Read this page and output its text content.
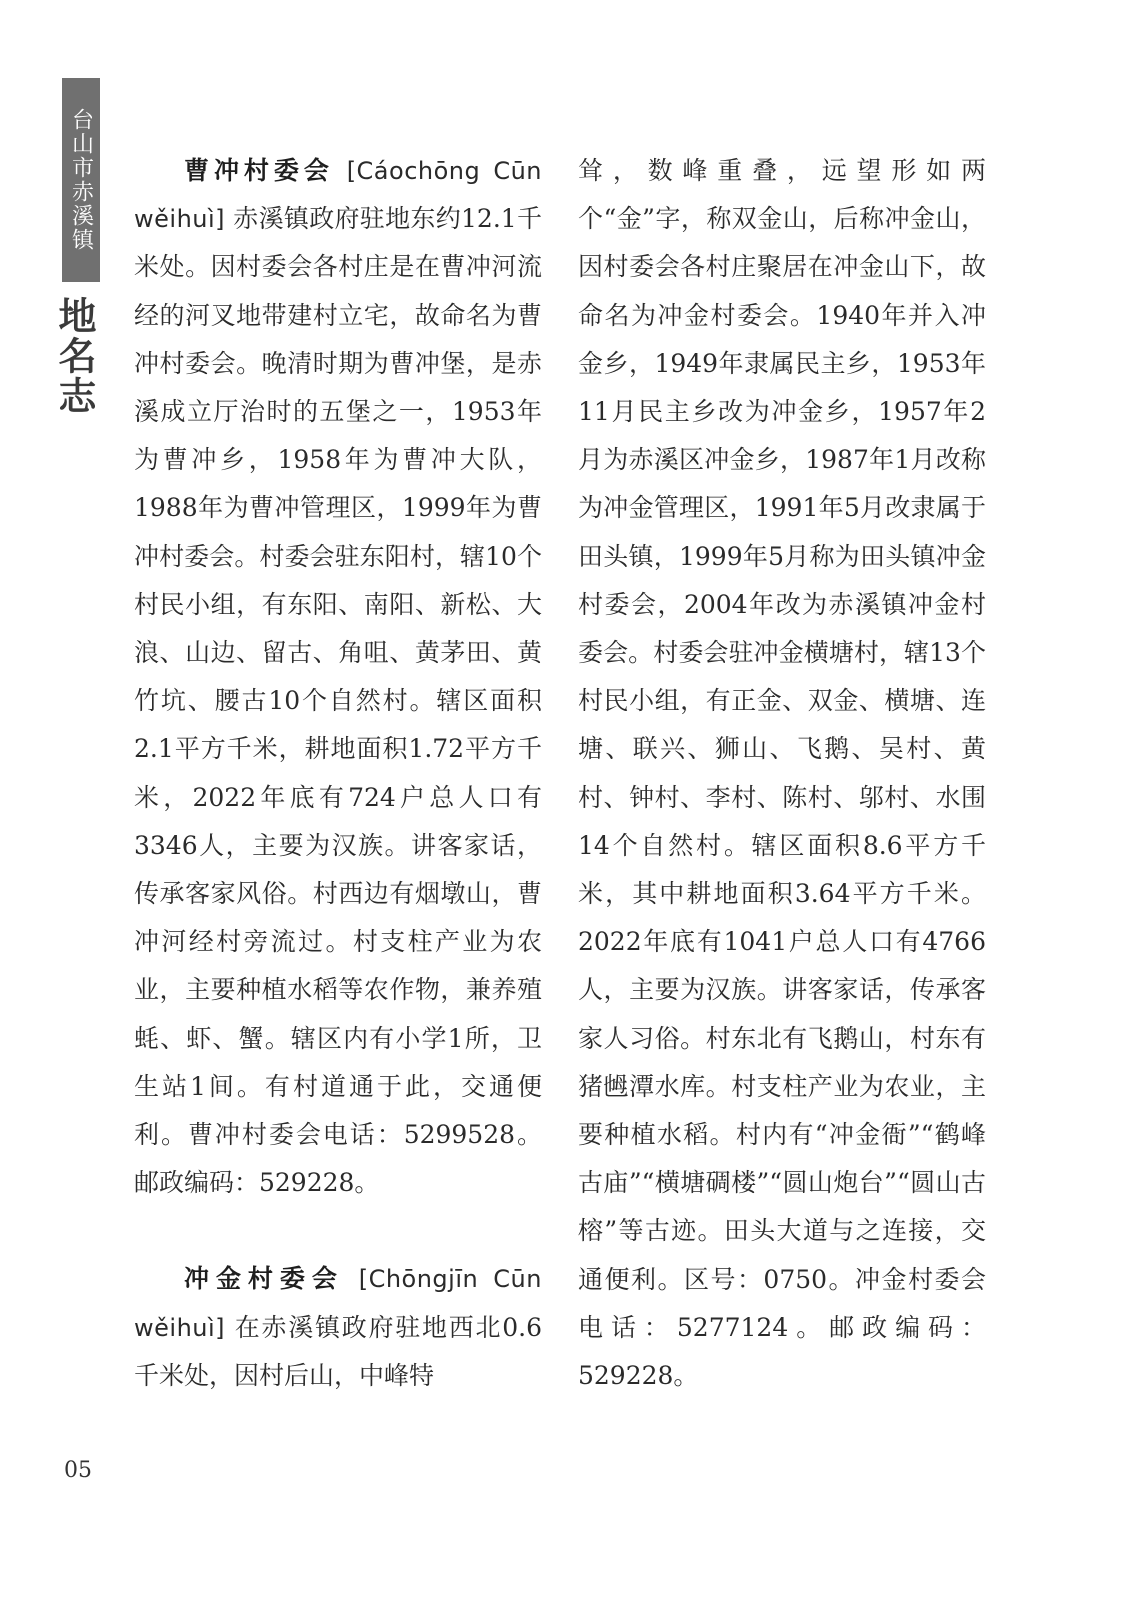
台山市赤溪镇
地名志

曹冲村委会 [Cáochōng Cūn wěihuì] 赤溪镇政府驻地东约12.1千米处。因村委会各村庄是在曹冲河流经的河叉地带建村立宅，故命名为曹冲村委会。晚清时期为曹冲堡，是赤溪成立厅治时的五堡之一，1953年为曹冲乡，1958年为曹冲大队，1988年为曹冲管理区，1999年为曹冲村委会。村委会驻东阳村，辖10个村民小组，有东阳、南阳、新松、大浪、山边、留古、角咀、黄茅田、黄竹坑、腰古10个自然村。辖区面积2.1平方千米，耕地面积1.72平方千米，2022年底有724户总人口有3346人，主要为汉族。讲客家话，传承客家风俗。村西边有烟墩山，曹冲河经村旁流过。村支柱产业为农业，主要种植水稻等农作物，兼养殖蚝、虾、蟹。辖区内有小学1所，卫生站1间。有村道通于此，交通便利。曹冲村委会电话：5299528。邮政编码：529228。

冲金村委会 [Chōngjīn Cūn wěihuì] 在赤溪镇政府驻地西北0.6千米处，因村后山，中峰特

耸，数峰重叠，远望形如两个“金”字，称双金山，后称冲金山，因村委会各村庄聚居在冲金山下，故命名为冲金村委会。1940年并入冲金乡，1949年隶属民主乡，1953年11月民主乡改为冲金乡，1957年2月为赤溪区冲金乡，1987年1月改称为冲金管理区，1991年5月改隶属于田头镇，1999年5月称为田头镇冲金村委会，2004年改为赤溪镇冲金村委会。村委会驻冲金横塘村，辖13个村民小组，有正金、双金、横塘、连塘、联兴、狮山、飞鹅、吴村、黄村、钟村、李村、陈村、邬村、水围14个自然村。辖区面积8.6平方千米，其中耕地面积3.64平方千米。2022年底有1041户总人口有4766人，主要为汉族。讲客家话，传承客家人习俗。村东北有飞鹅山，村东有猪乸潭水库。村支柱产业为农业，主要种植水稻。村内有“冲金衙”“鹤峰古庙”“横塘碉楼”“圆山炮台”“圆山古榕”等古迹。田头大道与之连接，交通便利。区号：0750。冲金村委会电话：5277124。邮政编码：529228。

05
